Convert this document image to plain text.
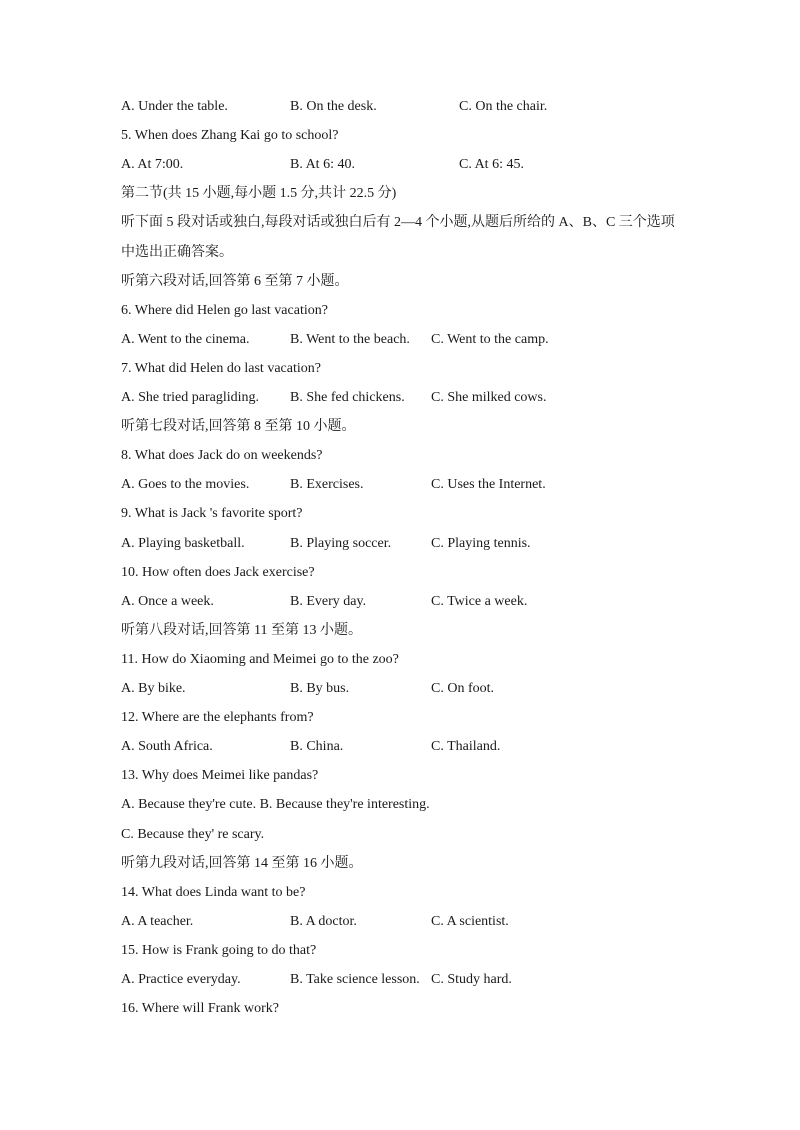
A. Under the table.	B. On the desk.	C. On the chair.
5. When does Zhang Kai go to school?
A. At 7:00.	B. At 6: 40.	C. At 6: 45.
第二节(共 15 小题,每小题 1.5 分,共计 22.5 分)
听下面 5 段对话或独白,每段对话或独白后有 2—4 个小题,从题后所给的 A、B、C 三个选项
中选出正确答案。
听第六段对话,回答第 6 至第 7 小题。
6. Where did Helen go last vacation?
A. Went to the cinema.	B. Went to the beach. C. Went to the camp.
7. What did Helen do last vacation?
A. She tried paragliding. B. She fed chickens. C. She milked cows.
听第七段对话,回答第 8 至第 10 小题。
8. What does Jack do on weekends?
A. Goes to the movies.	B. Exercises.	C. Uses the Internet.
9. What is Jack 's favorite sport?
A. Playing basketball.	B. Playing soccer.	C. Playing tennis.
10. How often does Jack exercise?
A. Once a week.	B. Every day.	C. Twice a week.
听第八段对话,回答第 11 至第 13 小题。
11. How do Xiaoming and Meimei go to the zoo?
A. By bike.	B. By bus.	C. On foot.
12. Where are the elephants from?
A. South Africa.	B. China.	C. Thailand.
13. Why does Meimei like pandas?
A. Because they're cute. B. Because they're interesting.
C. Because they' re scary.
听第九段对话,回答第 14 至第 16 小题。
14. What does Linda want to be?
A. A teacher.	B. A doctor.	C. A scientist.
15. How is Frank going to do that?
A. Practice everyday.	B. Take science lesson. C. Study hard.
16. Where will Frank work?
